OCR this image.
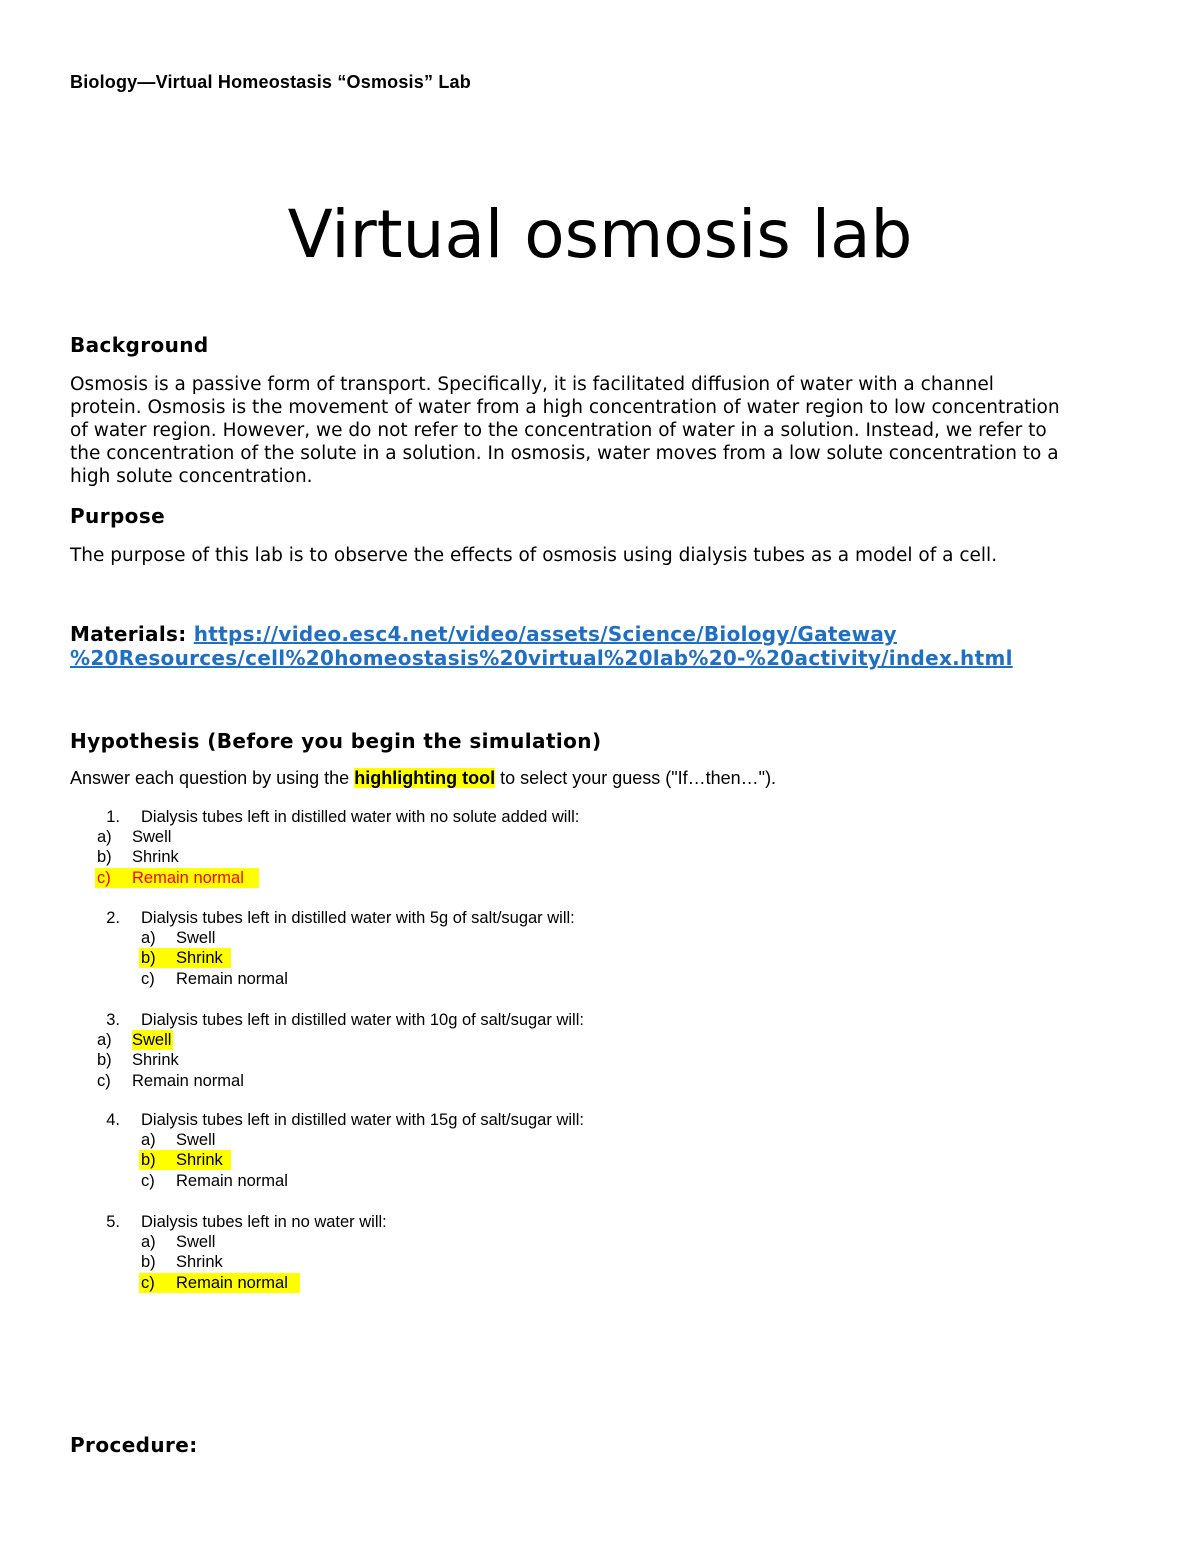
Biology—Virtual Homeostasis “Osmosis” Lab
Virtual osmosis lab
Background
Osmosis is a passive form of transport. Specifically, it is facilitated diffusion of water with a channel
protein. Osmosis is the movement of water from a high concentration of water region to low concentration
of water region. However, we do not refer to the concentration of water in a solution. Instead, we refer to
the concentration of the solute in a solution. In osmosis, water moves from a low solute concentration to a
high solute concentration.
Purpose
The purpose of this lab is to observe the effects of osmosis using dialysis tubes as a model of a cell.
Materials: https://video.esc4.net/video/assets/Science/Biology/Gateway
%20Resources/cell%20homeostasis%20virtual%20lab%20-%20activity/index.html
Hypothesis (Before you begin the simulation)
Answer each question by using the highlighting tool to select your guess ("If…then…").
1. Dialysis tubes left in distilled water with no solute added will:
a) Swell
b) Shrink
c) Remain normal
2. Dialysis tubes left in distilled water with 5g of salt/sugar will:
a) Swell
b) Shrink
c) Remain normal
3. Dialysis tubes left in distilled water with 10g of salt/sugar will:
a) Swell
b) Shrink
c) Remain normal
4. Dialysis tubes left in distilled water with 15g of salt/sugar will:
a) Swell
b) Shrink
c) Remain normal
5. Dialysis tubes left in no water will:
a) Swell
b) Shrink
c) Remain normal
Procedure:
